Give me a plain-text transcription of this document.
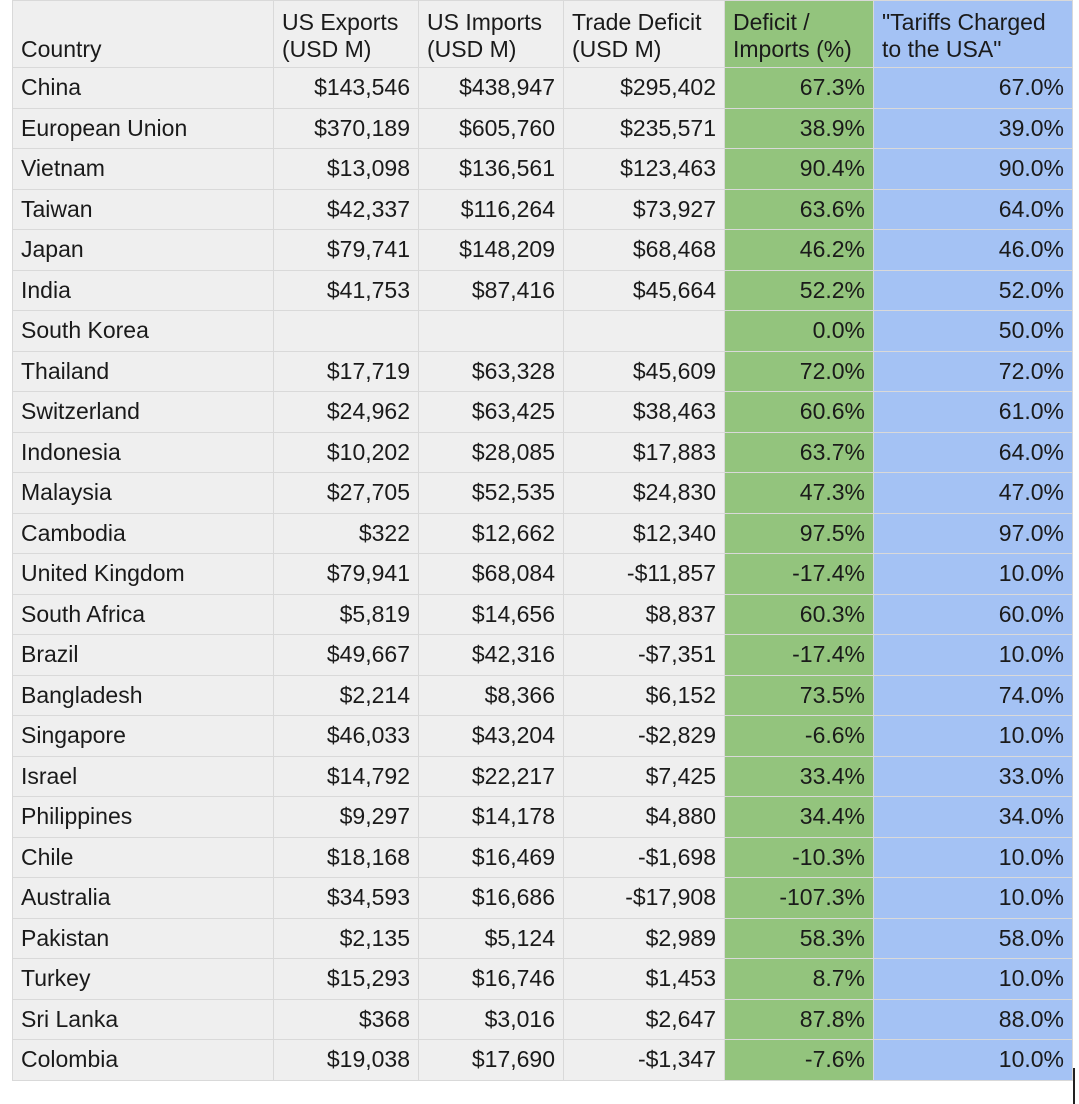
Country	US Exports (USD M)	US Imports (USD M)	Trade Deficit (USD M)	Deficit / Imports (%)	"Tariffs Charged to the USA"
China	$143,546	$438,947	$295,402	67.3%	67.0%
European Union	$370,189	$605,760	$235,571	38.9%	39.0%
Vietnam	$13,098	$136,561	$123,463	90.4%	90.0%
Taiwan	$42,337	$116,264	$73,927	63.6%	64.0%
Japan	$79,741	$148,209	$68,468	46.2%	46.0%
India	$41,753	$87,416	$45,664	52.2%	52.0%
South Korea				0.0%	50.0%
Thailand	$17,719	$63,328	$45,609	72.0%	72.0%
Switzerland	$24,962	$63,425	$38,463	60.6%	61.0%
Indonesia	$10,202	$28,085	$17,883	63.7%	64.0%
Malaysia	$27,705	$52,535	$24,830	47.3%	47.0%
Cambodia	$322	$12,662	$12,340	97.5%	97.0%
United Kingdom	$79,941	$68,084	-$11,857	-17.4%	10.0%
South Africa	$5,819	$14,656	$8,837	60.3%	60.0%
Brazil	$49,667	$42,316	-$7,351	-17.4%	10.0%
Bangladesh	$2,214	$8,366	$6,152	73.5%	74.0%
Singapore	$46,033	$43,204	-$2,829	-6.6%	10.0%
Israel	$14,792	$22,217	$7,425	33.4%	33.0%
Philippines	$9,297	$14,178	$4,880	34.4%	34.0%
Chile	$18,168	$16,469	-$1,698	-10.3%	10.0%
Australia	$34,593	$16,686	-$17,908	-107.3%	10.0%
Pakistan	$2,135	$5,124	$2,989	58.3%	58.0%
Turkey	$15,293	$16,746	$1,453	8.7%	10.0%
Sri Lanka	$368	$3,016	$2,647	87.8%	88.0%
Colombia	$19,038	$17,690	-$1,347	-7.6%	10.0%
